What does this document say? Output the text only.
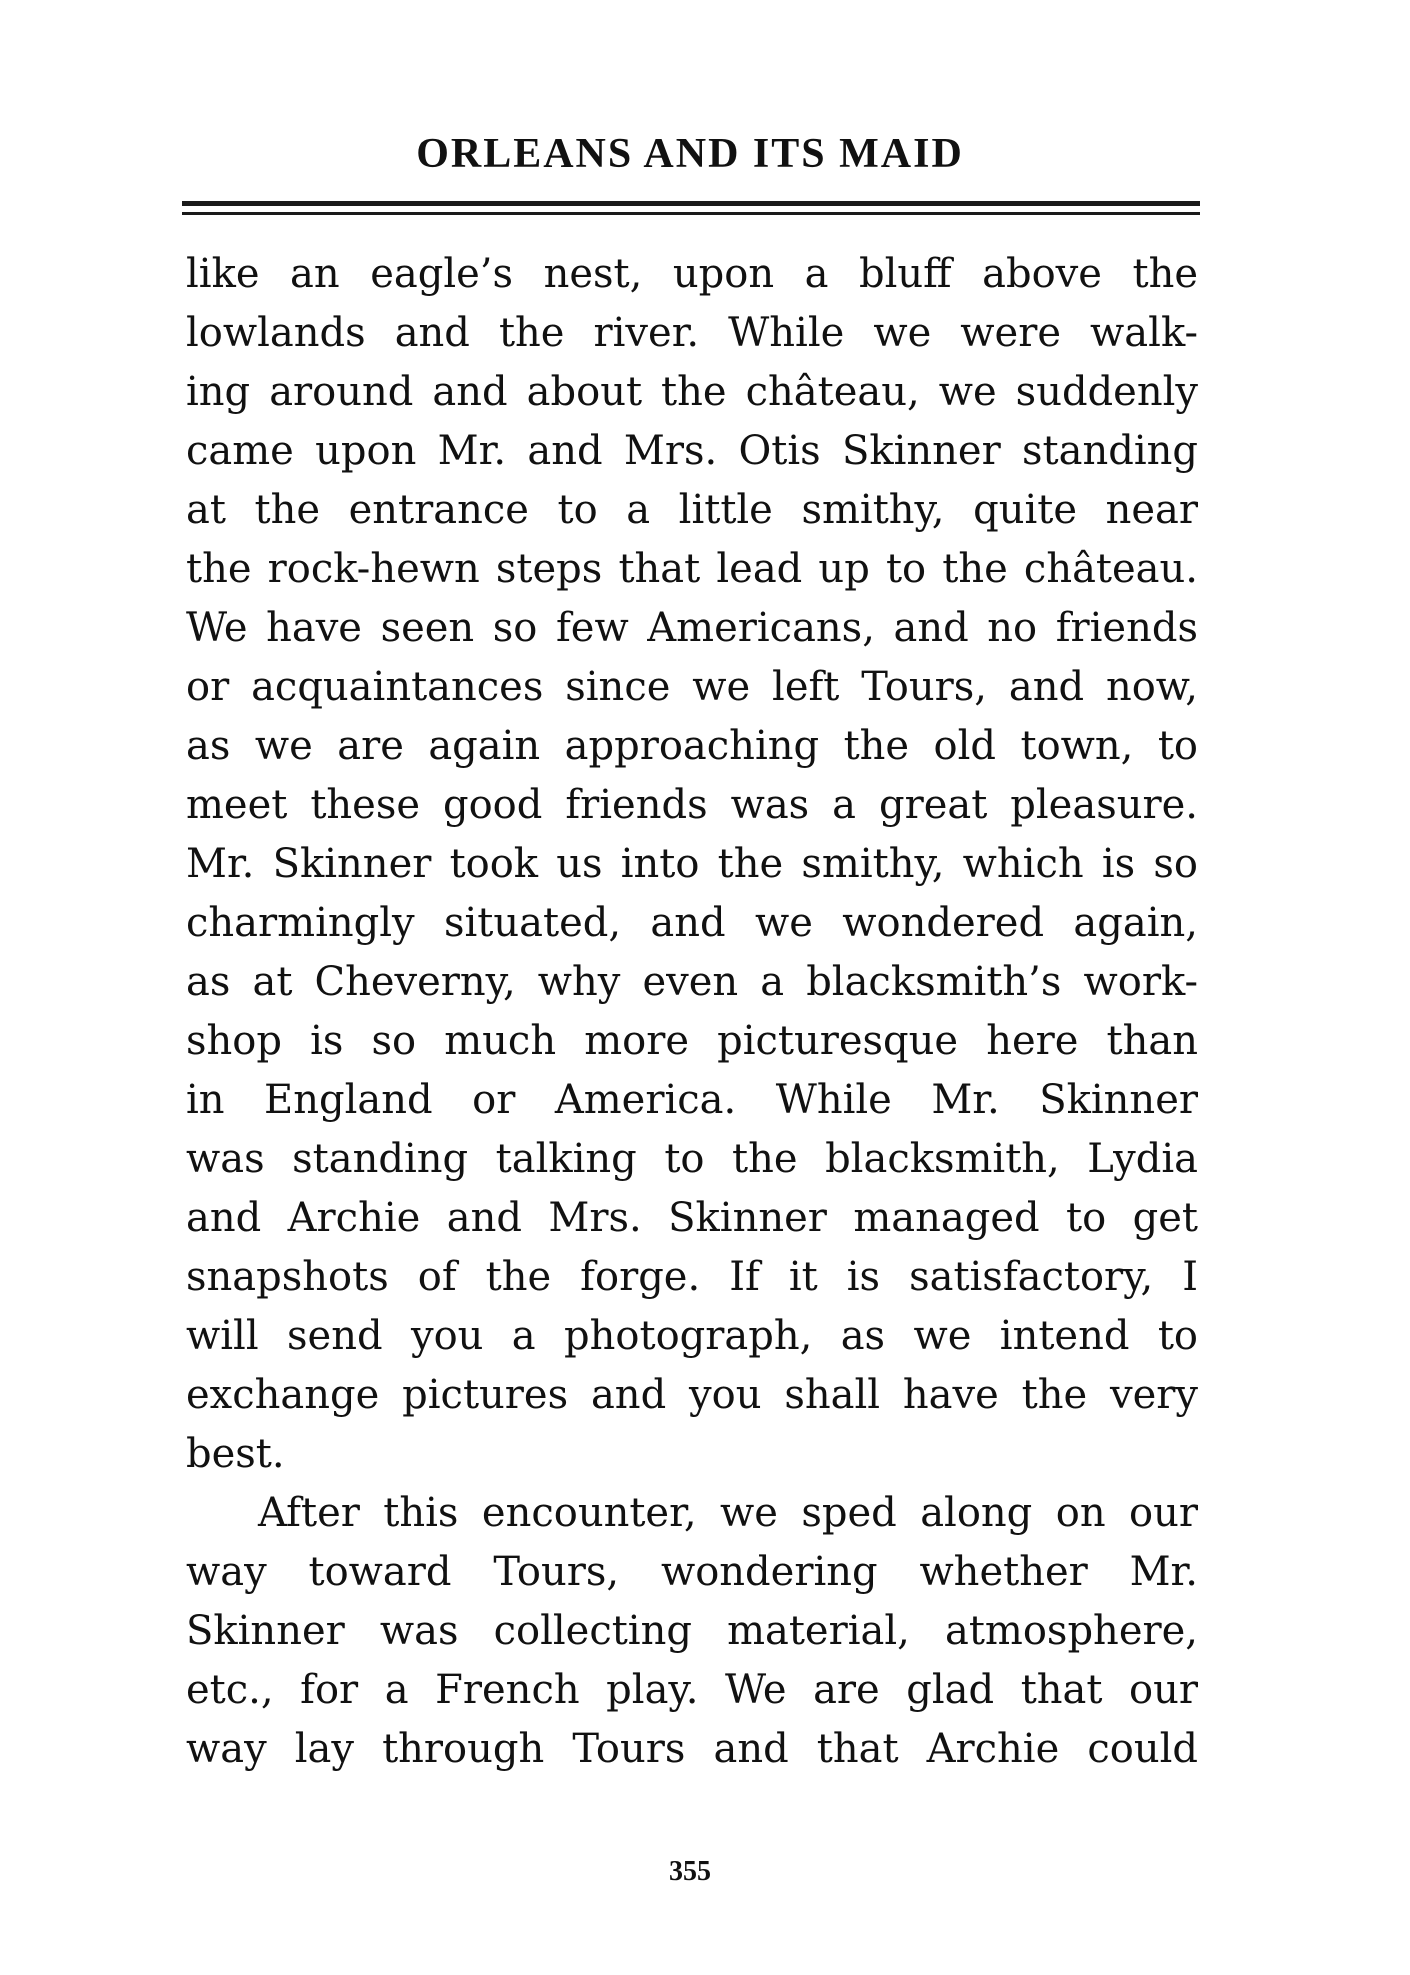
ORLEANS AND ITS MAID
like an eagle’s nest, upon a bluff above the
lowlands and the river. While we were walk-
ing around and about the château, we suddenly
came upon Mr. and Mrs. Otis Skinner standing
at the entrance to a little smithy, quite near
the rock-hewn steps that lead up to the château.
We have seen so few Americans, and no friends
or acquaintances since we left Tours, and now,
as we are again approaching the old town, to
meet these good friends was a great pleasure.
Mr. Skinner took us into the smithy, which is so
charmingly situated, and we wondered again,
as at Cheverny, why even a blacksmith’s work-
shop is so much more picturesque here than
in England or America. While Mr. Skinner
was standing talking to the blacksmith, Lydia
and Archie and Mrs. Skinner managed to get
snapshots of the forge. If it is satisfactory, I
will send you a photograph, as we intend to
exchange pictures and you shall have the very
best.
After this encounter, we sped along on our
way toward Tours, wondering whether Mr.
Skinner was collecting material, atmosphere,
etc., for a French play. We are glad that our
way lay through Tours and that Archie could
355
